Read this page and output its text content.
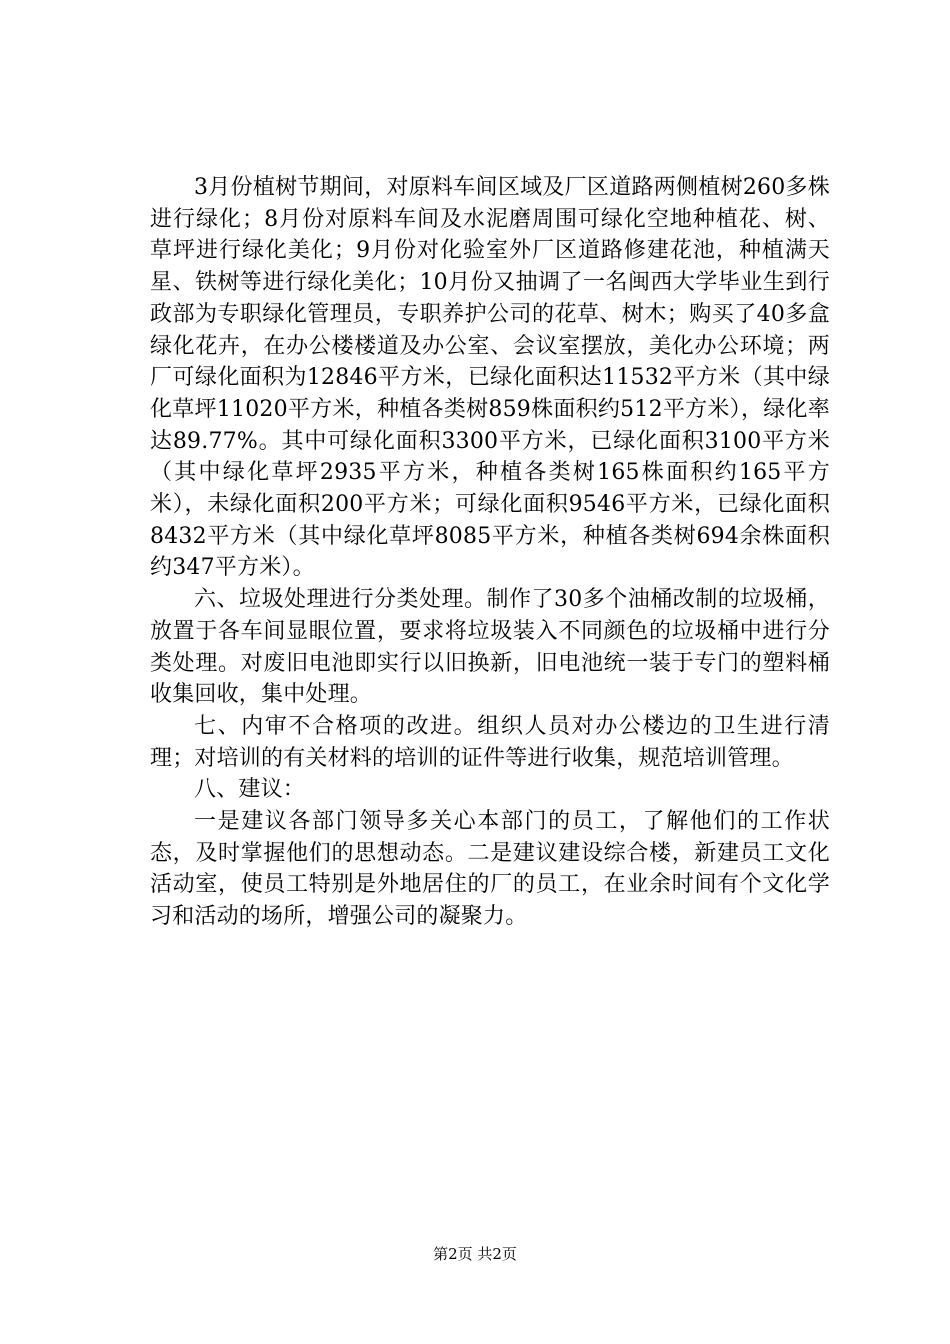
3月份植树节期间，对原料车间区域及厂区道路两侧植树260多株进行绿化；8月份对原料车间及水泥磨周围可绿化空地种植花、树、草坪进行绿化美化；9月份对化验室外厂区道路修建花池，种植满天星、铁树等进行绿化美化；10月份又抽调了一名闽西大学毕业生到行政部为专职绿化管理员，专职养护公司的花草、树木；购买了40多盒绿化花卉，在办公楼楼道及办公室、会议室摆放，美化办公环境；两厂可绿化面积为12846平方米，已绿化面积达11532平方米（其中绿化草坪11020平方米，种植各类树859株面积约512平方米），绿化率达89.77%。其中可绿化面积3300平方米，已绿化面积3100平方米（其中绿化草坪2935平方米，种植各类树165株面积约165平方米），未绿化面积200平方米；可绿化面积9546平方米，已绿化面积8432平方米（其中绿化草坪8085平方米，种植各类树694余株面积约347平方米）。

六、垃圾处理进行分类处理。制作了30多个油桶改制的垃圾桶，放置于各车间显眼位置，要求将垃圾装入不同颜色的垃圾桶中进行分类处理。对废旧电池即实行以旧换新，旧电池统一装于专门的塑料桶收集回收，集中处理。

七、内审不合格项的改进。组织人员对办公楼边的卫生进行清理；对培训的有关材料的培训的证件等进行收集，规范培训管理。

八、建议：

一是建议各部门领导多关心本部门的员工，了解他们的工作状态，及时掌握他们的思想动态。二是建议建设综合楼，新建员工文化活动室，使员工特别是外地居住的厂的员工，在业余时间有个文化学习和活动的场所，增强公司的凝聚力。

第2页 共2页
